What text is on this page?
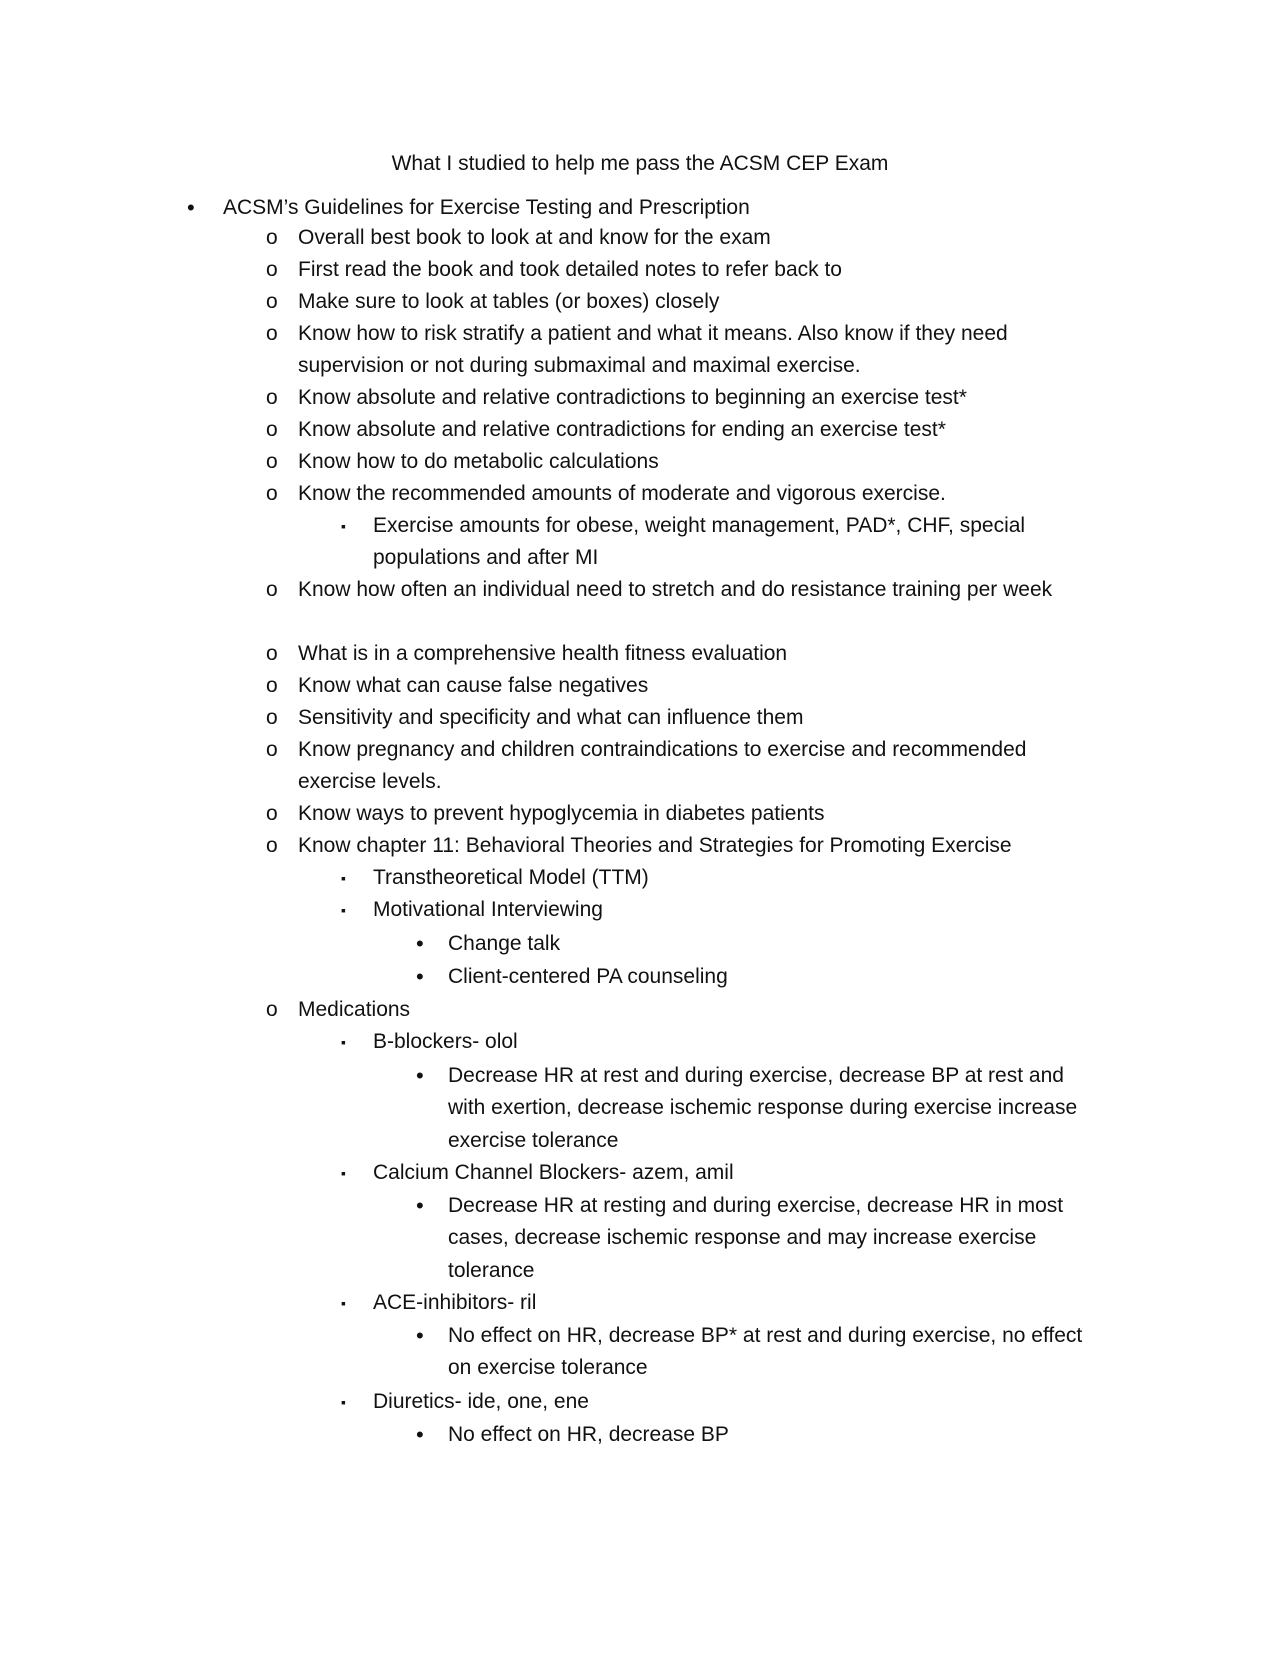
What I studied to help me pass the ACSM CEP Exam

• ACSM’s Guidelines for Exercise Testing and Prescription

o Overall best book to look at and know for the exam

o First read the book and took detailed notes to refer back to

o Make sure to look at tables (or boxes) closely

o Know how to risk stratify a patient and what it means. Also know if they need supervision or not during submaximal and maximal exercise.

o Know absolute and relative contradictions to beginning an exercise test*

o Know absolute and relative contradictions for ending an exercise test*

o Know how to do metabolic calculations

o Know the recommended amounts of moderate and vigorous exercise.

▪ Exercise amounts for obese, weight management, PAD*, CHF, special populations and after MI

o Know how often an individual need to stretch and do resistance training per week

o What is in a comprehensive health fitness evaluation

o Know what can cause false negatives

o Sensitivity and specificity and what can influence them

o Know pregnancy and children contraindications to exercise and recommended exercise levels.

o Know ways to prevent hypoglycemia in diabetes patients

o Know chapter 11: Behavioral Theories and Strategies for Promoting Exercise

▪ Transtheoretical Model (TTM)

▪ Motivational Interviewing

• Change talk

• Client-centered PA counseling

o Medications

▪ B-blockers- olol

• Decrease HR at rest and during exercise, decrease BP at rest and with exertion, decrease ischemic response during exercise increase exercise tolerance

▪ Calcium Channel Blockers- azem, amil

• Decrease HR at resting and during exercise, decrease HR in most cases, decrease ischemic response and may increase exercise tolerance

▪ ACE-inhibitors- ril

• No effect on HR, decrease BP* at rest and during exercise, no effect on exercise tolerance

▪ Diuretics- ide, one, ene

• No effect on HR, decrease BP
